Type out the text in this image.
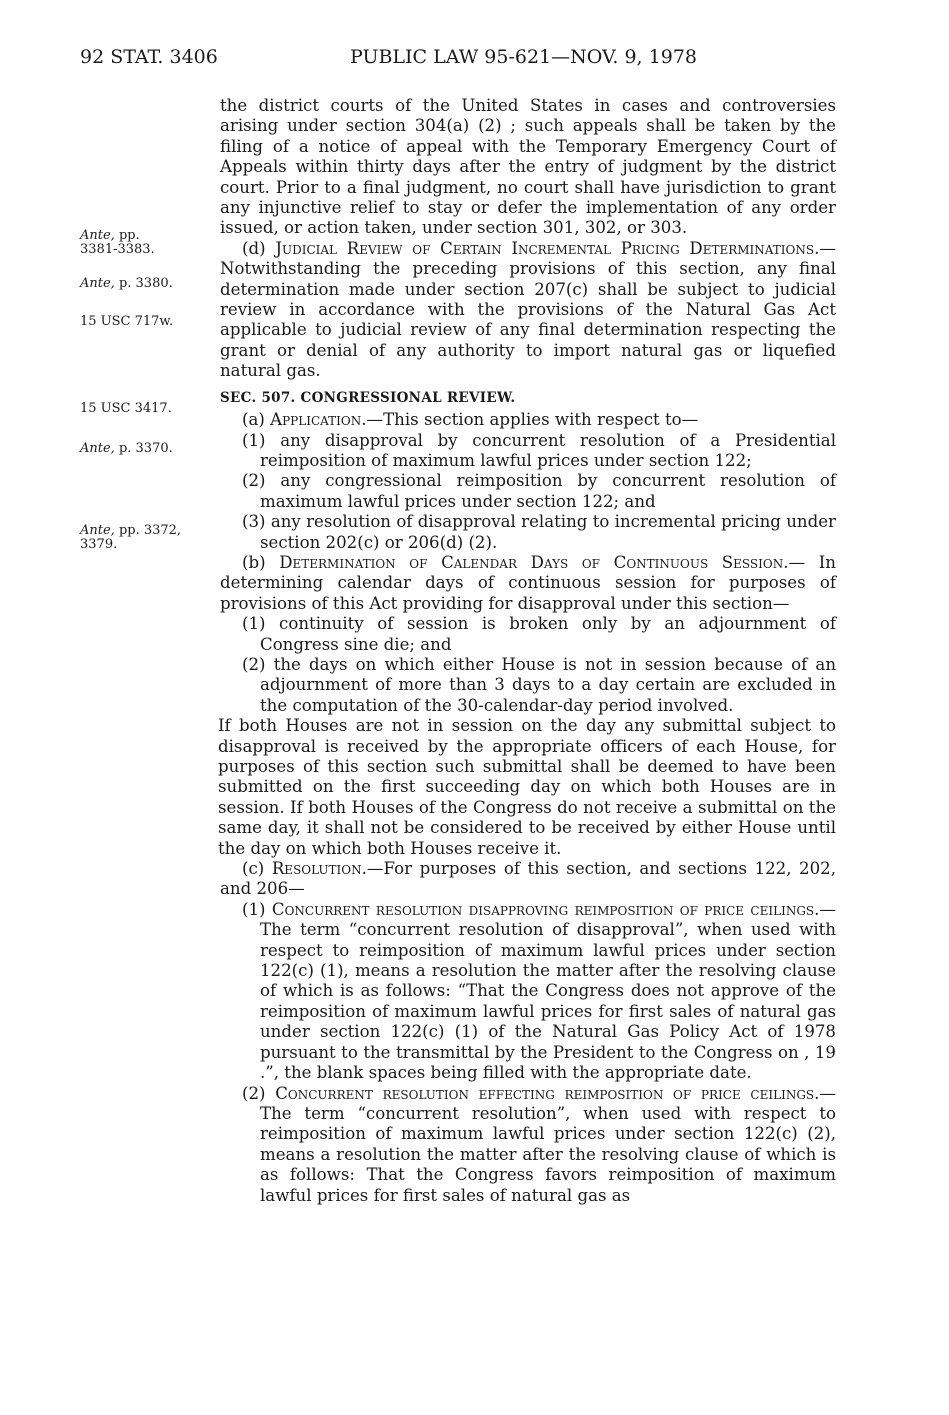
92 STAT. 3406	PUBLIC LAW 95-621—NOV. 9, 1978
Ante, pp.
3381-3383.
Ante, p. 3380.
15 USC 717w.
15 USC 3417.
Ante, p. 3370.
Ante, pp. 3372,
3379.

the district courts of the United States in cases and controversies arising under section 304(a) (2) ; such appeals shall be taken by the filing of a notice of appeal with the Temporary Emergency Court of Appeals within thirty days after the entry of judgment by the district court. Prior to a final judgment, no court shall have jurisdiction to grant any injunctive relief to stay or defer the implementation of any order issued, or action taken, under section 301, 302, or 303.

(d) Judicial Review of Certain Incremental Pricing Determinations.—Notwithstanding the preceding provisions of this section, any final determination made under section 207(c) shall be subject to judicial review in accordance with the provisions of the Natural Gas Act applicable to judicial review of any final determination respecting the grant or denial of any authority to import natural gas or liquefied natural gas.

SEC. 507. CONGRESSIONAL REVIEW.

(a) Application.—This section applies with respect to—

(1) any disapproval by concurrent resolution of a Presidential reimposition of maximum lawful prices under section 122;

(2) any congressional reimposition by concurrent resolution of maximum lawful prices under section 122; and

(3) any resolution of disapproval relating to incremental pricing under section 202(c) or 206(d) (2).

(b) Determination of Calendar Days of Continuous Session.— In determining calendar days of continuous session for purposes of provisions of this Act providing for disapproval under this section—

(1) continuity of session is broken only by an adjournment of Congress sine die; and

(2) the days on which either House is not in session because of an adjournment of more than 3 days to a day certain are excluded in the computation of the 30-calendar-day period involved.

If both Houses are not in session on the day any submittal subject to disapproval is received by the appropriate officers of each House, for purposes of this section such submittal shall be deemed to have been submitted on the first succeeding day on which both Houses are in session. If both Houses of the Congress do not receive a submittal on the same day, it shall not be considered to be received by either House until the day on which both Houses receive it.

(c) Resolution.—For purposes of this section, and sections 122, 202, and 206—

(1) Concurrent resolution disapproving reimposition of price ceilings.—The term “concurrent resolution of disapproval”, when used with respect to reimposition of maximum lawful prices under section 122(c) (1), means a resolution the matter after the resolving clause of which is as follows: “That the Congress does not approve of the reimposition of maximum lawful prices for first sales of natural gas under section 122(c) (1) of the Natural Gas Policy Act of 1978 pursuant to the transmittal by the President to the Congress on , 19 .”, the blank spaces being filled with the appropriate date.

(2) Concurrent resolution effecting reimposition of price ceilings.—The term “concurrent resolution”, when used with respect to reimposition of maximum lawful prices under section 122(c) (2), means a resolution the matter after the resolving clause of which is as follows: That the Congress favors reimposition of maximum lawful prices for first sales of natural gas as
